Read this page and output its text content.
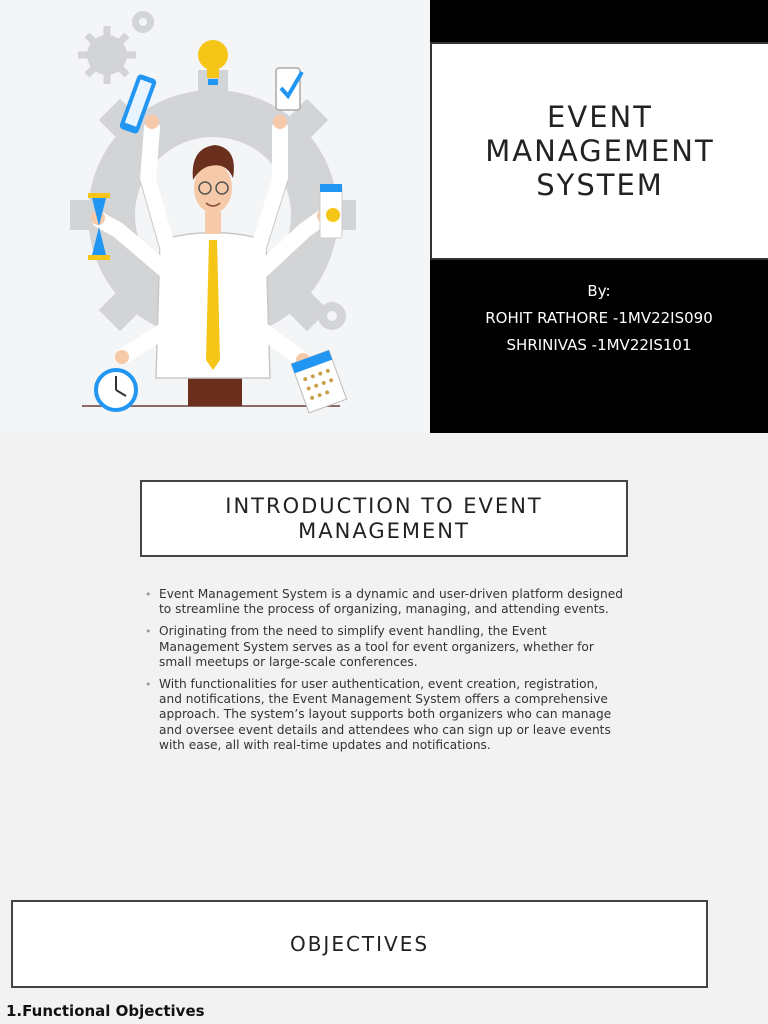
EVENT MANAGEMENT SYSTEM
By:
ROHIT RATHORE -1MV22IS090
SHRINIVAS -1MV22IS101
INTRODUCTION TO EVENT MANAGEMENT
• Event Management System is a dynamic and user-driven platform designed to streamline the process of organizing, managing, and attending events.
• Originating from the need to simplify event handling, the Event Management System serves as a tool for event organizers, whether for small meetups or large-scale conferences.
• With functionalities for user authentication, event creation, registration, and notifications, the Event Management System offers a comprehensive approach. The system’s layout supports both organizers who can manage and oversee event details and attendees who can sign up or leave events with ease, all with real-time updates and notifications.
OBJECTIVES
1.Functional Objectives
